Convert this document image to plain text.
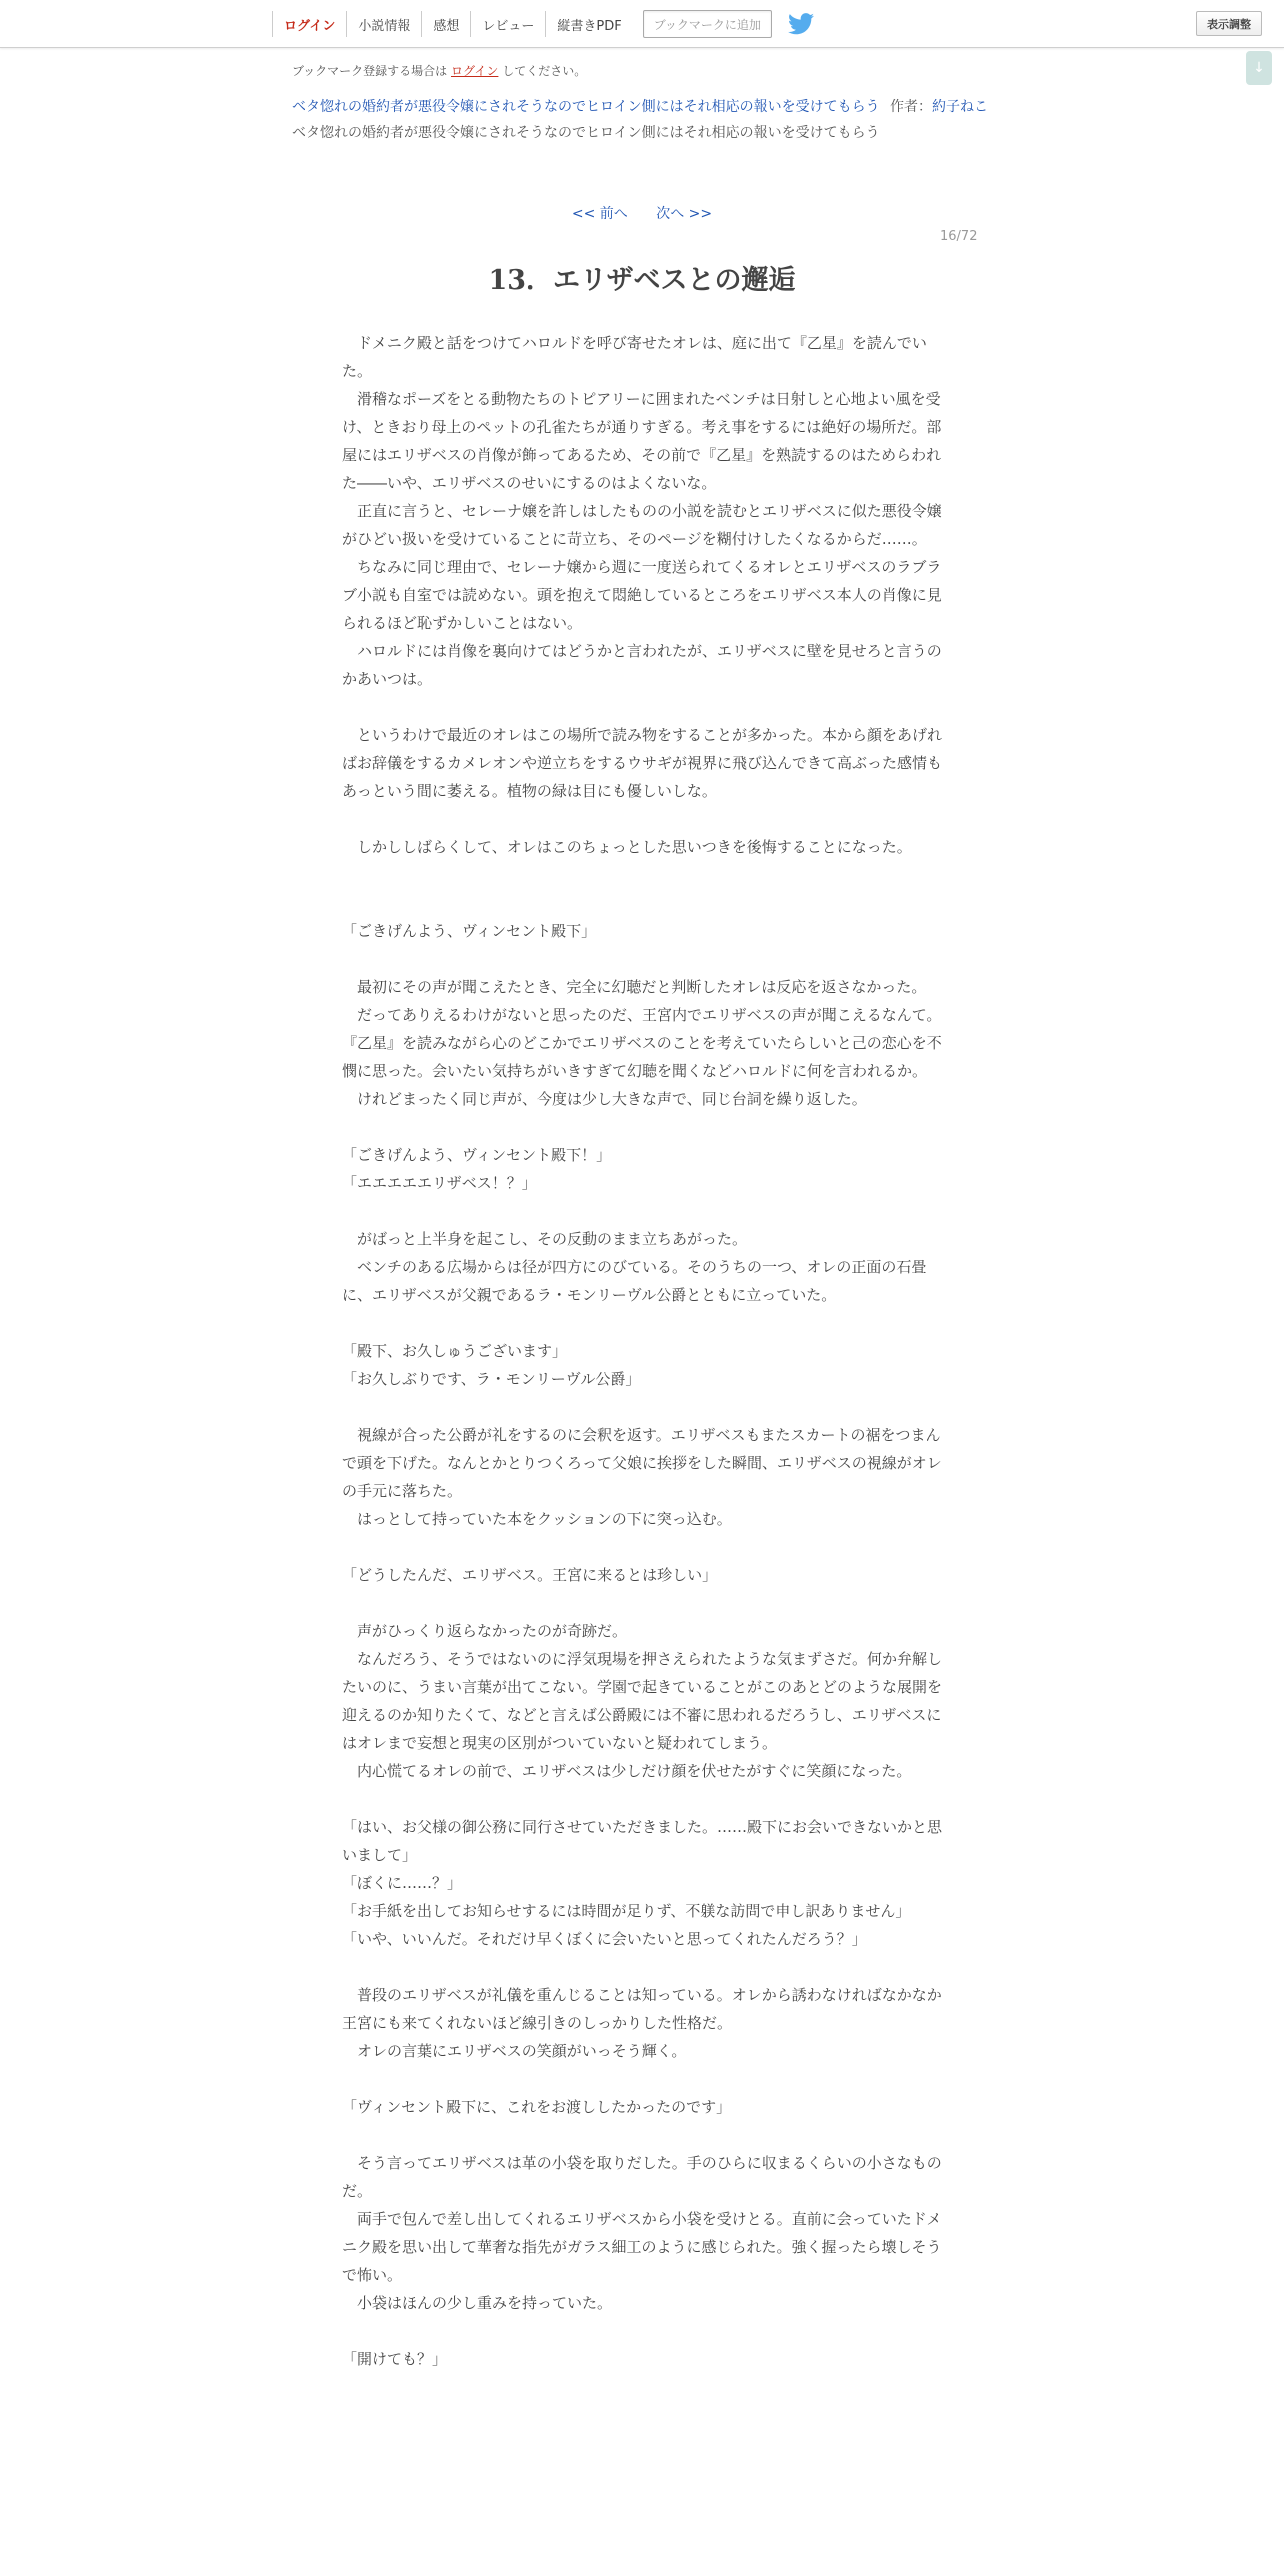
ログイン	小説情報	感想	レビュー	縦書きPDF	ブックマークに追加	表示調整
↓
ブックマーク登録する場合は ログイン してください。
ベタ惚れの婚約者が悪役令嬢にされそうなのでヒロイン側にはそれ相応の報いを受けてもらう 作者：約子ねこ
ベタ惚れの婚約者が悪役令嬢にされそうなのでヒロイン側にはそれ相応の報いを受けてもらう
<< 前へ 次へ >>
16/72
13．エリザベスとの邂逅

　ドメニク殿と話をつけてハロルドを呼び寄せたオレは、庭に出て『乙星』を読んでいた。

　滑稽なポーズをとる動物たちのトピアリーに囲まれたベンチは日射しと心地よい風を受け、ときおり母上のペットの孔雀たちが通りすぎる。考え事をするには絶好の場所だ。部屋にはエリザベスの肖像が飾ってあるため、その前で『乙星』を熟読するのはためらわれた――いや、エリザベスのせいにするのはよくないな。

　正直に言うと、セレーナ嬢を許しはしたものの小説を読むとエリザベスに似た悪役令嬢がひどい扱いを受けていることに苛立ち、そのページを糊付けしたくなるからだ……。

　ちなみに同じ理由で、セレーナ嬢から週に一度送られてくるオレとエリザベスのラブラブ小説も自室では読めない。頭を抱えて悶絶しているところをエリザベス本人の肖像に見られるほど恥ずかしいことはない。

　ハロルドには肖像を裏向けてはどうかと言われたが、エリザベスに壁を見せろと言うのかあいつは。

　というわけで最近のオレはこの場所で読み物をすることが多かった。本から顔をあげればお辞儀をするカメレオンや逆立ちをするウサギが視界に飛び込んできて高ぶった感情もあっという間に萎える。植物の緑は目にも優しいしな。

　しかししばらくして、オレはこのちょっとした思いつきを後悔することになった。

「ごきげんよう、ヴィンセント殿下」

　最初にその声が聞こえたとき、完全に幻聴だと判断したオレは反応を返さなかった。

　だってありえるわけがないと思ったのだ、王宮内でエリザベスの声が聞こえるなんて。『乙星』を読みながら心のどこかでエリザベスのことを考えていたらしいと己の恋心を不憫に思った。会いたい気持ちがいきすぎて幻聴を聞くなどハロルドに何を言われるか。

　けれどまったく同じ声が、今度は少し大きな声で、同じ台詞を繰り返した。

「ごきげんよう、ヴィンセント殿下！」

「エエエエエリザベス！？」

　がばっと上半身を起こし、その反動のまま立ちあがった。

　ベンチのある広場からは径が四方にのびている。そのうちの一つ、オレの正面の石畳に、エリザベスが父親であるラ・モンリーヴル公爵とともに立っていた。

「殿下、お久しゅうございます」

「お久しぶりです、ラ・モンリーヴル公爵」

　視線が合った公爵が礼をするのに会釈を返す。エリザベスもまたスカートの裾をつまんで頭を下げた。なんとかとりつくろって父娘に挨拶をした瞬間、エリザベスの視線がオレの手元に落ちた。

　はっとして持っていた本をクッションの下に突っ込む。

「どうしたんだ、エリザベス。王宮に来るとは珍しい」

　声がひっくり返らなかったのが奇跡だ。

　なんだろう、そうではないのに浮気現場を押さえられたような気まずさだ。何か弁解したいのに、うまい言葉が出てこない。学園で起きていることがこのあとどのような展開を迎えるのか知りたくて、などと言えば公爵殿には不審に思われるだろうし、エリザベスにはオレまで妄想と現実の区別がついていないと疑われてしまう。

　内心慌てるオレの前で、エリザベスは少しだけ顔を伏せたがすぐに笑顔になった。

「はい、お父様の御公務に同行させていただきました。……殿下にお会いできないかと思いまして」

「ぼくに……？」

「お手紙を出してお知らせするには時間が足りず、不躾な訪問で申し訳ありません」

「いや、いいんだ。それだけ早くぼくに会いたいと思ってくれたんだろう？」

　普段のエリザベスが礼儀を重んじることは知っている。オレから誘わなければなかなか王宮にも来てくれないほど線引きのしっかりした性格だ。

　オレの言葉にエリザベスの笑顔がいっそう輝く。

「ヴィンセント殿下に、これをお渡ししたかったのです」

　そう言ってエリザベスは革の小袋を取りだした。手のひらに収まるくらいの小さなものだ。

　両手で包んで差し出してくれるエリザベスから小袋を受けとる。直前に会っていたドメニク殿を思い出して華奢な指先がガラス細工のように感じられた。強く握ったら壊しそうで怖い。

　小袋はほんの少し重みを持っていた。

「開けても？」
